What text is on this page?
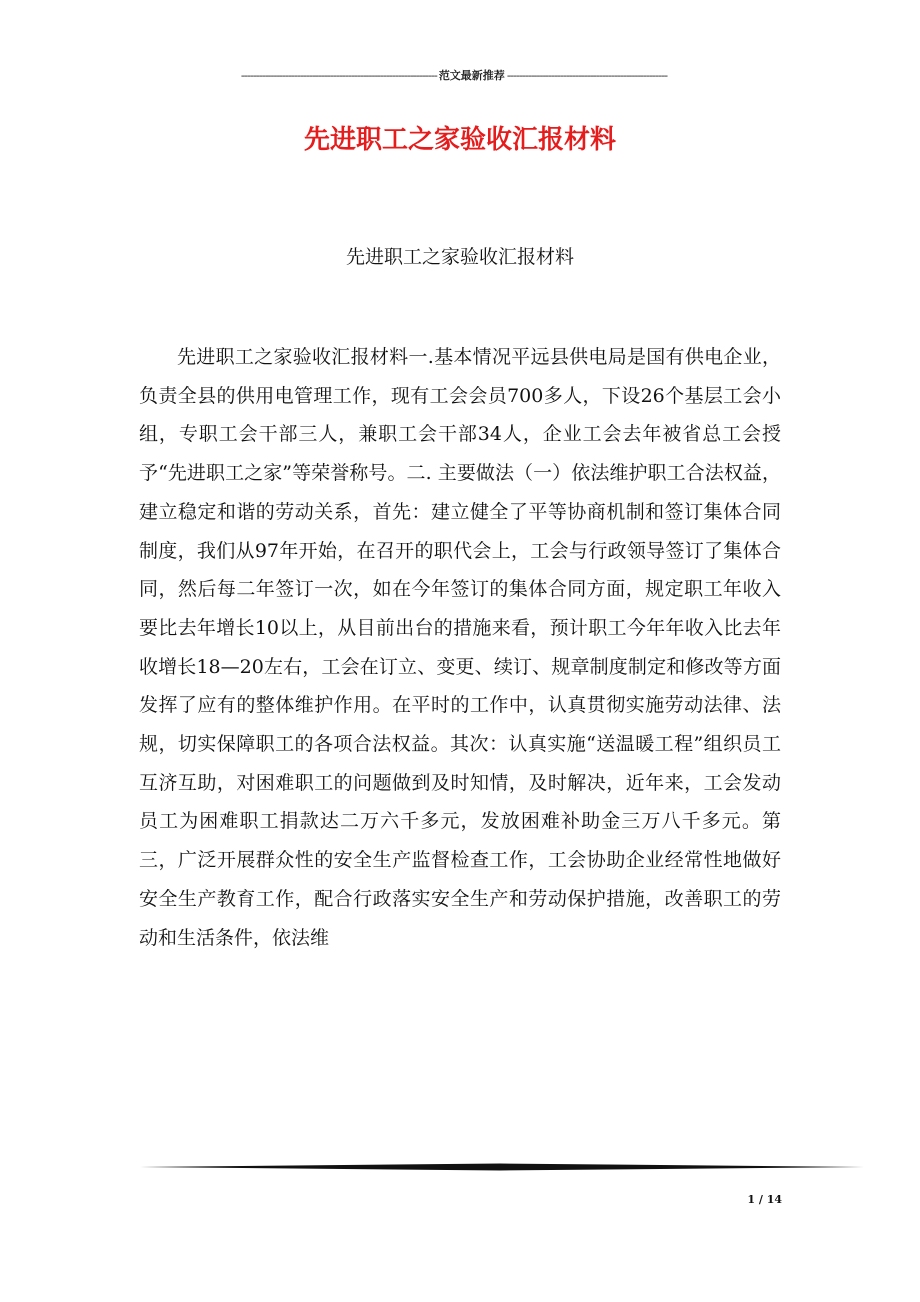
------------------------------------------------------------------ 范文最新推荐 ------------------------------------------------------
先进职工之家验收汇报材料
先进职工之家验收汇报材料

先进职工之家验收汇报材料一.基本情况平远县供电局是国有供电企业，负责全县的供用电管理工作，现有工会会员700多人，下设26个基层工会小组，专职工会干部三人，兼职工会干部34人，企业工会去年被省总工会授予“先进职工之家”等荣誉称号。二. 主要做法（一）依法维护职工合法权益，建立稳定和谐的劳动关系，首先：建立健全了平等协商机制和签订集体合同制度，我们从97年开始，在召开的职代会上，工会与行政领导签订了集体合同，然后每二年签订一次，如在今年签订的集体合同方面，规定职工年收入要比去年增长10以上，从目前出台的措施来看，预计职工今年年收入比去年收增长18—20左右，工会在订立、变更、续订、规章制度制定和修改等方面发挥了应有的整体维护作用。在平时的工作中，认真贯彻实施劳动法律、法规，切实保障职工的各项合法权益。其次：认真实施“送温暖工程”组织员工互济互助，对困难职工的问题做到及时知情，及时解决，近年来，工会发动员工为困难职工捐款达二万六千多元，发放困难补助金三万八千多元。第三，广泛开展群众性的安全生产监督检查工作，工会协助企业经常性地做好安全生产教育工作，配合行政落实安全生产和劳动保护措施，改善职工的劳动和生活条件，依法维

1 / 14
